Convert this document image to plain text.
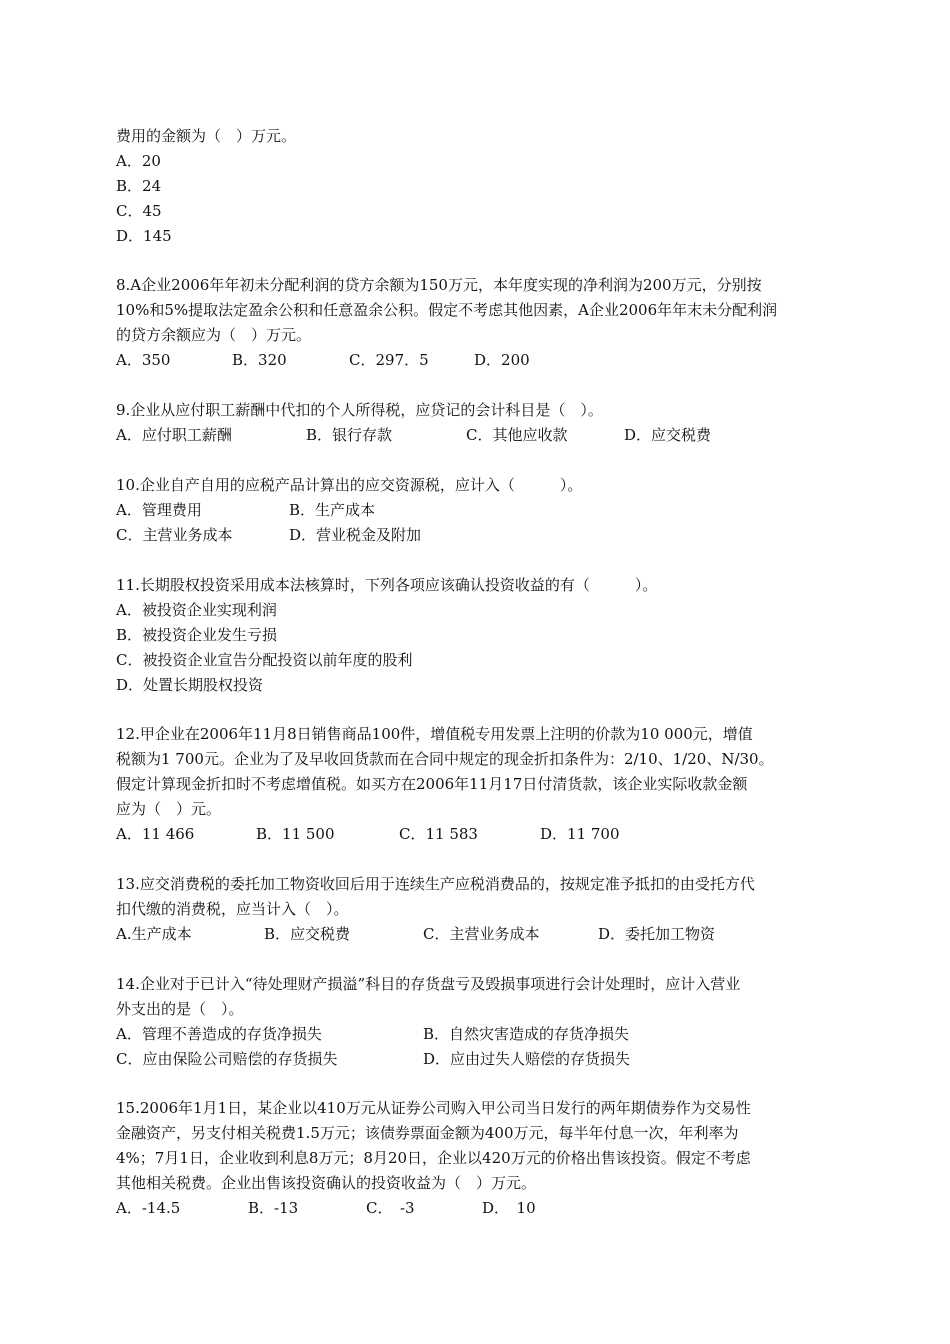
费用的金额为（　）万元。
A．20
B．24
C．45
D．145
8.A企业2006年年初未分配利润的贷方余额为150万元，本年度实现的净利润为200万元，分别按
10%和5%提取法定盈余公积和任意盈余公积。假定不考虑其他因素，A企业2006年年末未分配利润
的贷方余额应为（　）万元。
A．350	B．320	C．297．5	D．200
9.企业从应付职工薪酬中代扣的个人所得税，应贷记的会计科目是（　）。
A．应付职工薪酬	B．银行存款	C．其他应收款	D．应交税费
10.企业自产自用的应税产品计算出的应交资源税，应计入（　　　）。
A．管理费用	B．生产成本
C．主营业务成本	D．营业税金及附加
11.长期股权投资采用成本法核算时，下列各项应该确认投资收益的有（　　　）。
A．被投资企业实现利润
B．被投资企业发生亏损
C．被投资企业宣告分配投资以前年度的股利
D．处置长期股权投资
12.甲企业在2006年11月8日销售商品100件，增值税专用发票上注明的价款为10 000元，增值
税额为1 700元。企业为了及早收回货款而在合同中规定的现金折扣条件为：2/10、1/20、N/30。
假定计算现金折扣时不考虑增值税。如买方在2006年11月17日付清货款，该企业实际收款金额
应为（　）元。
A．11 466	B．11 500	C．11 583	D．11 700
13.应交消费税的委托加工物资收回后用于连续生产应税消费品的，按规定准予抵扣的由受托方代
扣代缴的消费税，应当计入（　）。
A.生产成本	B．应交税费	C．主营业务成本	D．委托加工物资
14.企业对于已计入“待处理财产损溢”科目的存货盘亏及毁损事项进行会计处理时，应计入营业
外支出的是（　）。
A．管理不善造成的存货净损失	B．自然灾害造成的存货净损失
C．应由保险公司赔偿的存货损失	D．应由过失人赔偿的存货损失
15.2006年1月1日，某企业以410万元从证券公司购入甲公司当日发行的两年期债券作为交易性
金融资产，另支付相关税费1.5万元；该债券票面金额为400万元，每半年付息一次，年利率为
4%；7月1日，企业收到利息8万元；8月20日，企业以420万元的价格出售该投资。假定不考虑
其他相关税费。企业出售该投资确认的投资收益为（　）万元。
A．-14.5	B．-13	C．　-3	D．　10
